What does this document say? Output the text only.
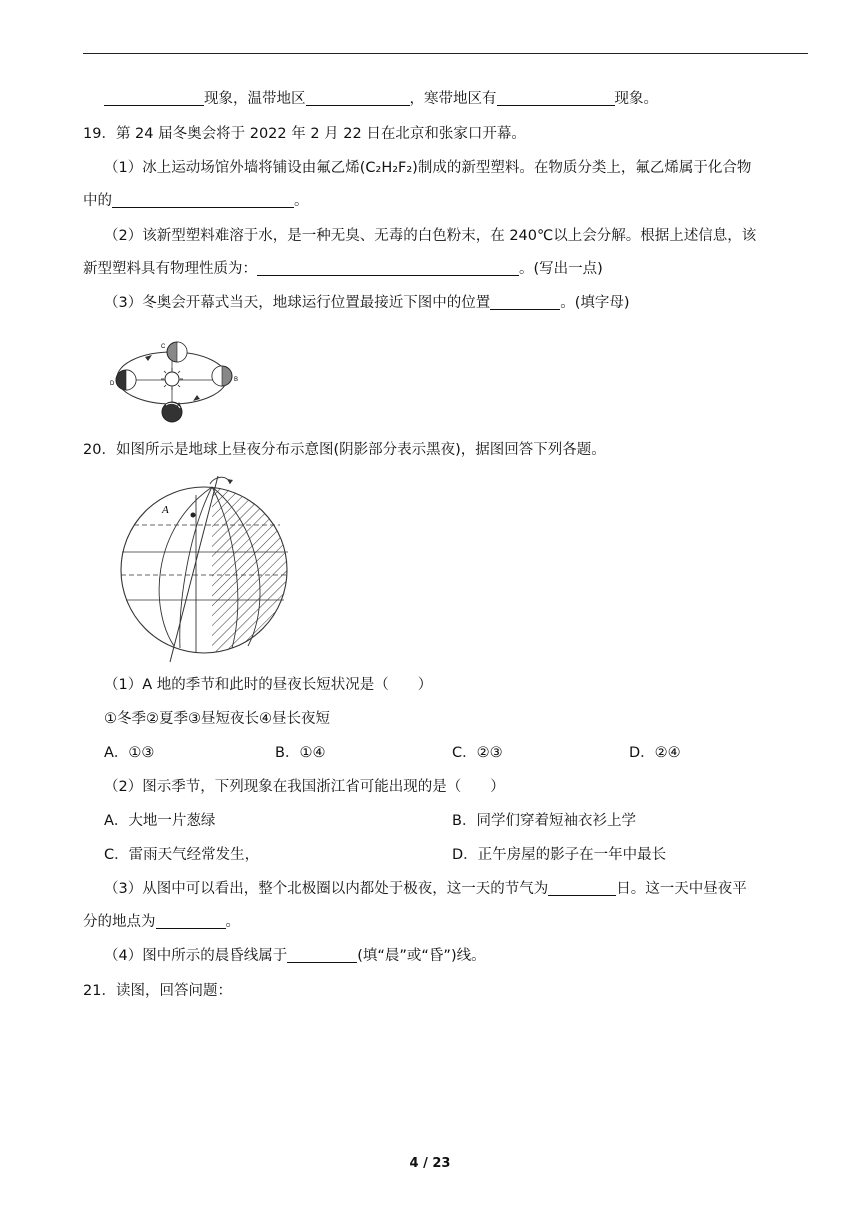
现象，温带地区	，寒带地区有	现象。
19．第 24 届冬奥会将于 2022 年 2 月 22 日在北京和张家口开幕。
（1）冰上运动场馆外墙将铺设由氟乙烯(C₂H₂F₂)制成的新型塑料。在物质分类上，氟乙烯属于化合物
中的	。
（2）该新型塑料难溶于水，是一种无臭、无毒的白色粉末，在 240℃以上会分解。根据上述信息，该
新型塑料具有物理性质为：	。(写出一点)
（3）冬奥会开幕式当天，地球运行位置最接近下图中的位置	。(填字母)
C
B
D
A
20．如图所示是地球上昼夜分布示意图(阴影部分表示黑夜)，据图回答下列各题。
A
（1）A 地的季节和此时的昼夜长短状况是（　　）
①冬季②夏季③昼短夜长④昼长夜短
A．①③	B．①④	C．②③	D．②④
（2）图示季节，下列现象在我国浙江省可能出现的是（　　）
A．大地一片葱绿	B．同学们穿着短袖衣衫上学
C．雷雨天气经常发生，	D．正午房屋的影子在一年中最长
（3）从图中可以看出，整个北极圈以内都处于极夜，这一天的节气为	日。这一天中昼夜平
分的地点为	。
（4）图中所示的晨昏线属于	(填“晨”或“昏”)线。
21．读图，回答问题：
4 / 23
